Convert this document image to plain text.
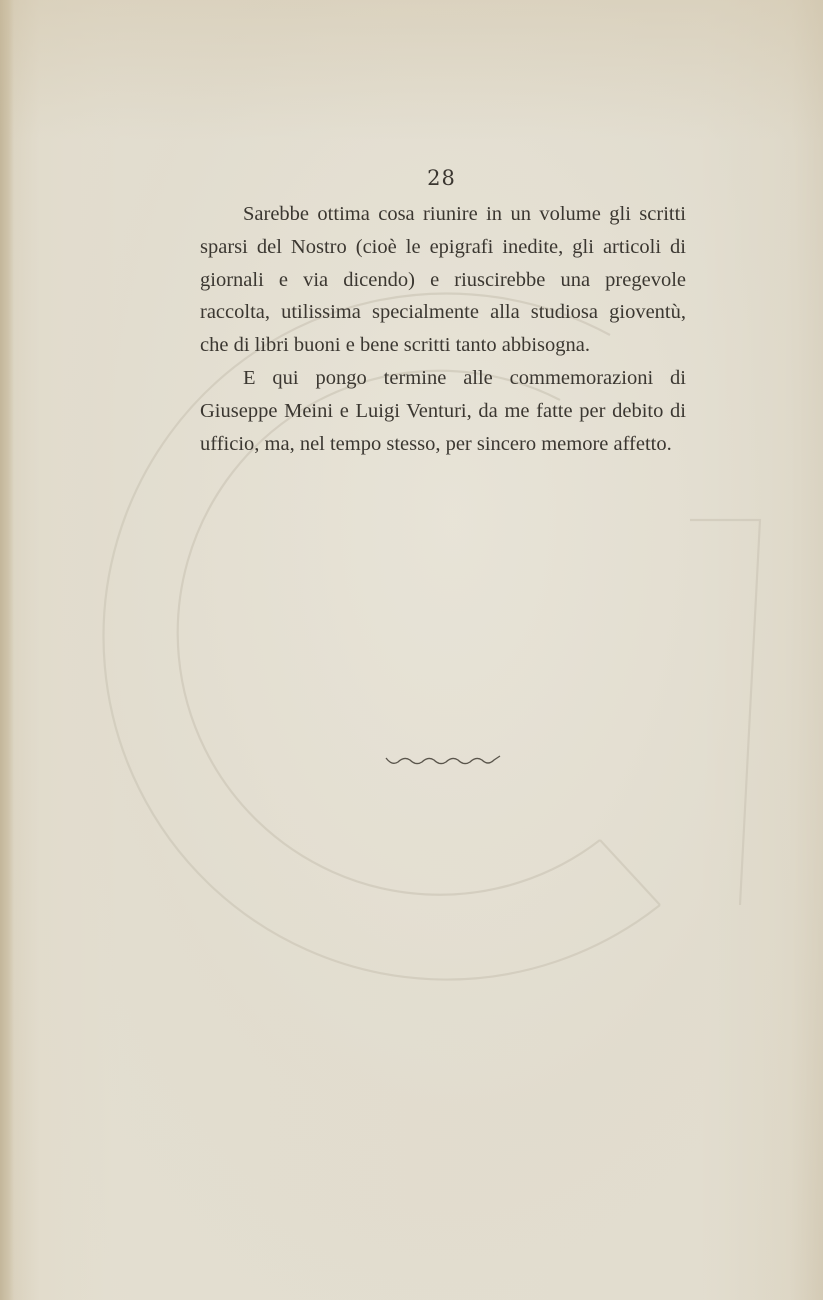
28

Sarebbe ottima cosa riunire in un volume gli scritti sparsi del Nostro (cioè le epigrafi inedite, gli articoli di giornali e via dicendo) e riuscirebbe una pregevole raccolta, utilissima specialmente alla studiosa gioventù, che di libri buoni e bene scritti tanto abbisogna.

E qui pongo termine alle commemorazioni di Giuseppe Meini e Luigi Venturi, da me fatte per debito di ufficio, ma, nel tempo stesso, per sincero memore affetto.
